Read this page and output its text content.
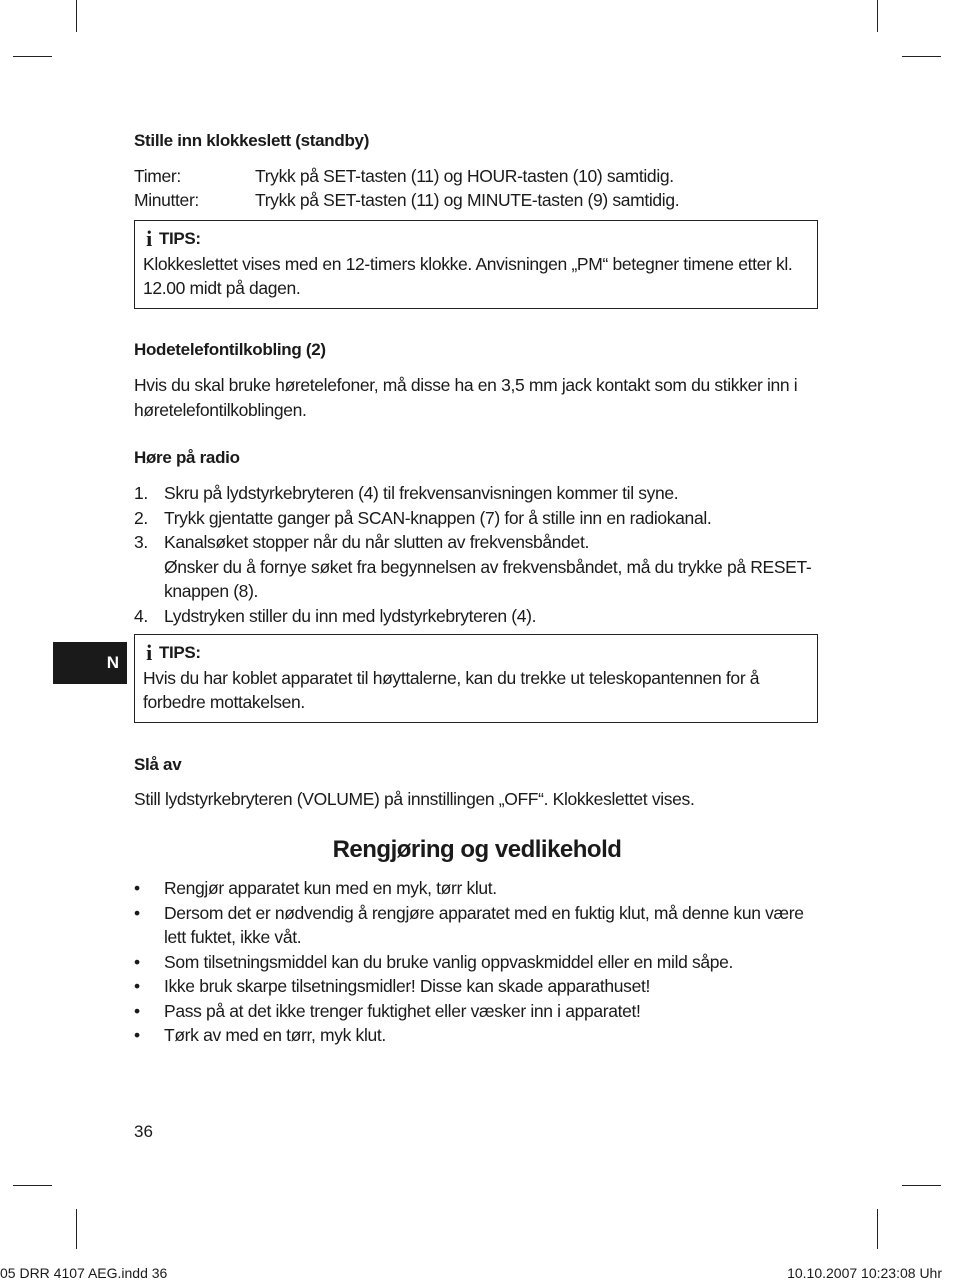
Stille inn klokkeslett (standby)
Timer:	Trykk på SET-tasten (11) og HOUR-tasten (10) samtidig.
Minutter:	Trykk på SET-tasten (11) og MINUTE-tasten (9) samtidig.
i TIPS:
Klokkeslettet vises med en 12-timers klokke. Anvisningen „PM“ betegner timene etter kl.
12.00 midt på dagen.
Hodetelefontilkobling (2)
Hvis du skal bruke høretelefoner, må disse ha en 3,5 mm jack kontakt som du stikker inn i
høretelefontilkoblingen.
Høre på radio
1. Skru på lydstyrkebryteren (4) til frekvensanvisningen kommer til syne.
2. Trykk gjentatte ganger på SCAN-knappen (7) for å stille inn en radiokanal.
3. Kanalsøket stopper når du når slutten av frekvensbåndet.
Ønsker du å fornye søket fra begynnelsen av frekvensbåndet, må du trykke på RESET-
knappen (8).
4. Lydstryken stiller du inn med lydstyrkebryteren (4).
N	i TIPS:
Hvis du har koblet apparatet til høyttalerne, kan du trekke ut teleskopantennen for å
forbedre mottakelsen.
Slå av
Still lydstyrkebryteren (VOLUME) på innstillingen „OFF“. Klokkeslettet vises.
Rengjøring og vedlikehold
• Rengjør apparatet kun med en myk, tørr klut.
• Dersom det er nødvendig å rengjøre apparatet med en fuktig klut, må denne kun være
lett fuktet, ikke våt.
• Som tilsetningsmiddel kan du bruke vanlig oppvaskmiddel eller en mild såpe.
• Ikke bruk skarpe tilsetningsmidler! Disse kan skade apparathuset!
• Pass på at det ikke trenger fuktighet eller væsker inn i apparatet!
• Tørk av med en tørr, myk klut.
36
05 DRR 4107 AEG.indd 36	10.10.2007 10:23:08 Uhr
